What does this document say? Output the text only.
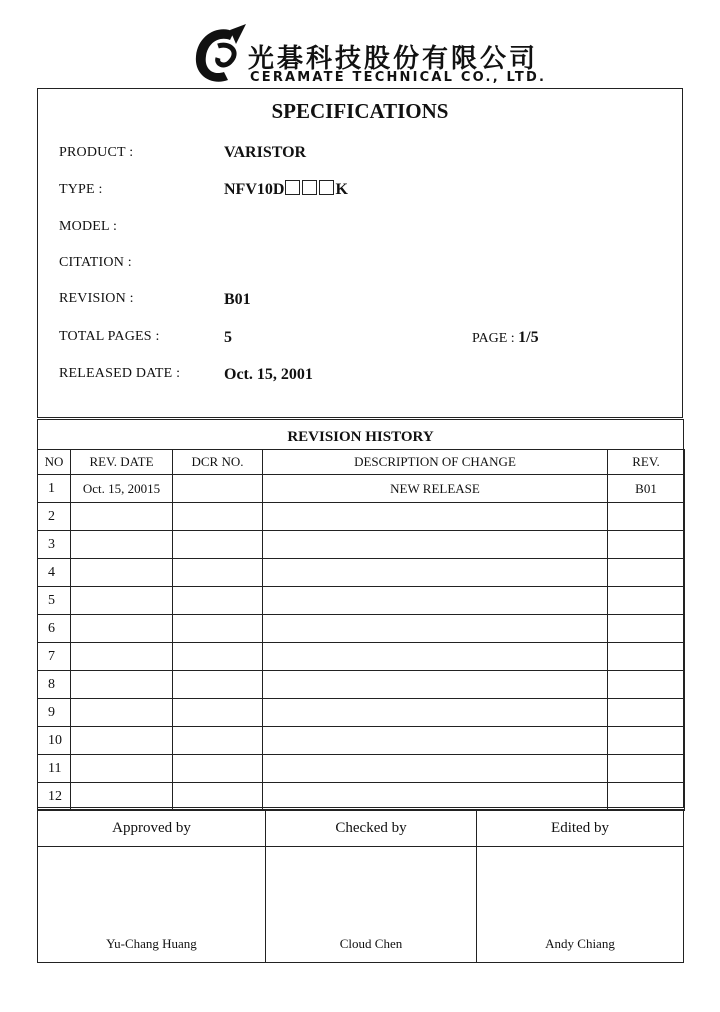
光碁科技股份有限公司
CERAMATE TECHNICAL CO., LTD.
SPECIFICATIONS
PRODUCT :	VARISTOR
TYPE :	NFV10D	K
MODEL :
CITATION :
REVISION :	B01
TOTAL PAGES :	5	PAGE : 1/5
RELEASED DATE :	Oct. 15, 2001
REVISION HISTORY
NO	REV. DATE	DCR NO.	DESCRIPTION OF CHANGE	REV.
1	Oct. 15, 20015		NEW RELEASE	B01
2				
3				
4				
5				
6				
7				
8				
9				
10				
11				
12				
Approved by	Checked by	Edited by
Yu-Chang Huang	Cloud Chen	Andy Chiang
